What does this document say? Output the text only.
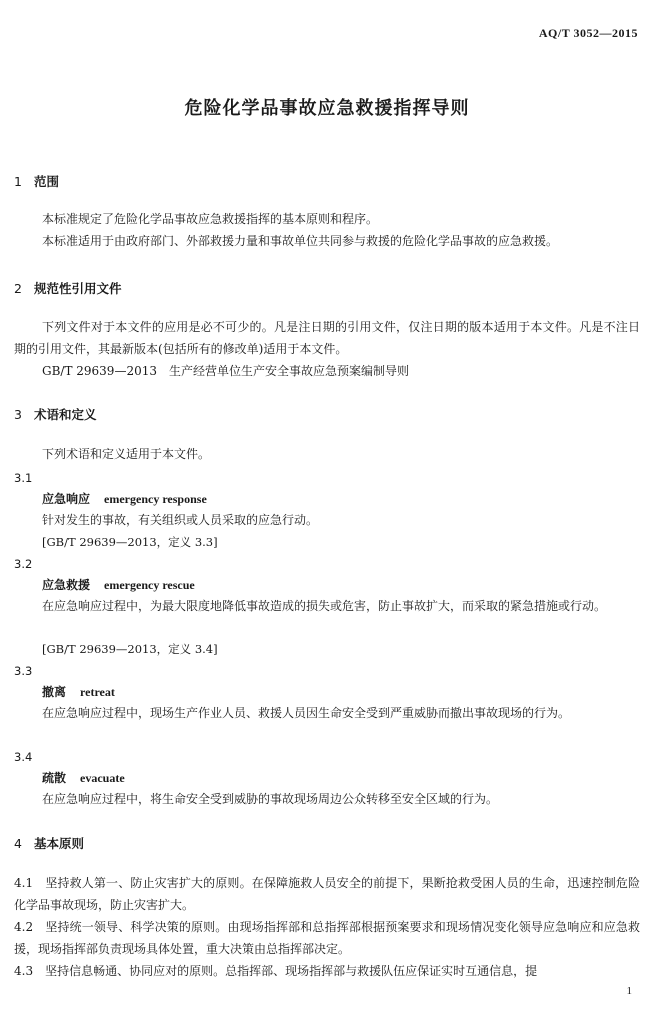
AQ/T 3052—2015
危险化学品事故应急救援指挥导则
1 范围

本标准规定了危险化学品事故应急救援指挥的基本原则和程序。

本标准适用于由政府部门、外部救援力量和事故单位共同参与救援的危险化学品事故的应急救援。

2 规范性引用文件

下列文件对于本文件的应用是必不可少的。凡是注日期的引用文件，仅注日期的版本适用于本文件。凡是不注日期的引用文件，其最新版本(包括所有的修改单)适用于本文件。

GB/T 29639—2013　生产经营单位生产安全事故应急预案编制导则

3 术语和定义

下列术语和定义适用于本文件。

3.1
应急响应 emergency response

针对发生的事故，有关组织或人员采取的应急行动。

[GB/T 29639—2013，定义 3.3]
3.2
应急救援 emergency rescue

在应急响应过程中，为最大限度地降低事故造成的损失或危害，防止事故扩大，而采取的紧急措施或行动。

[GB/T 29639—2013，定义 3.4]
3.3
撤离 retreat

在应急响应过程中，现场生产作业人员、救援人员因生命安全受到严重威胁而撤出事故现场的行为。

3.4
疏散 evacuate

在应急响应过程中，将生命安全受到威胁的事故现场周边公众转移至安全区域的行为。

4 基本原则

4.1　坚持救人第一、防止灾害扩大的原则。在保障施救人员安全的前提下，果断抢救受困人员的生命，迅速控制危险化学品事故现场，防止灾害扩大。

4.2　坚持统一领导、科学决策的原则。由现场指挥部和总指挥部根据预案要求和现场情况变化领导应急响应和应急救援，现场指挥部负责现场具体处置，重大决策由总指挥部决定。

4.3　坚持信息畅通、协同应对的原则。总指挥部、现场指挥部与救援队伍应保证实时互通信息，提

1
